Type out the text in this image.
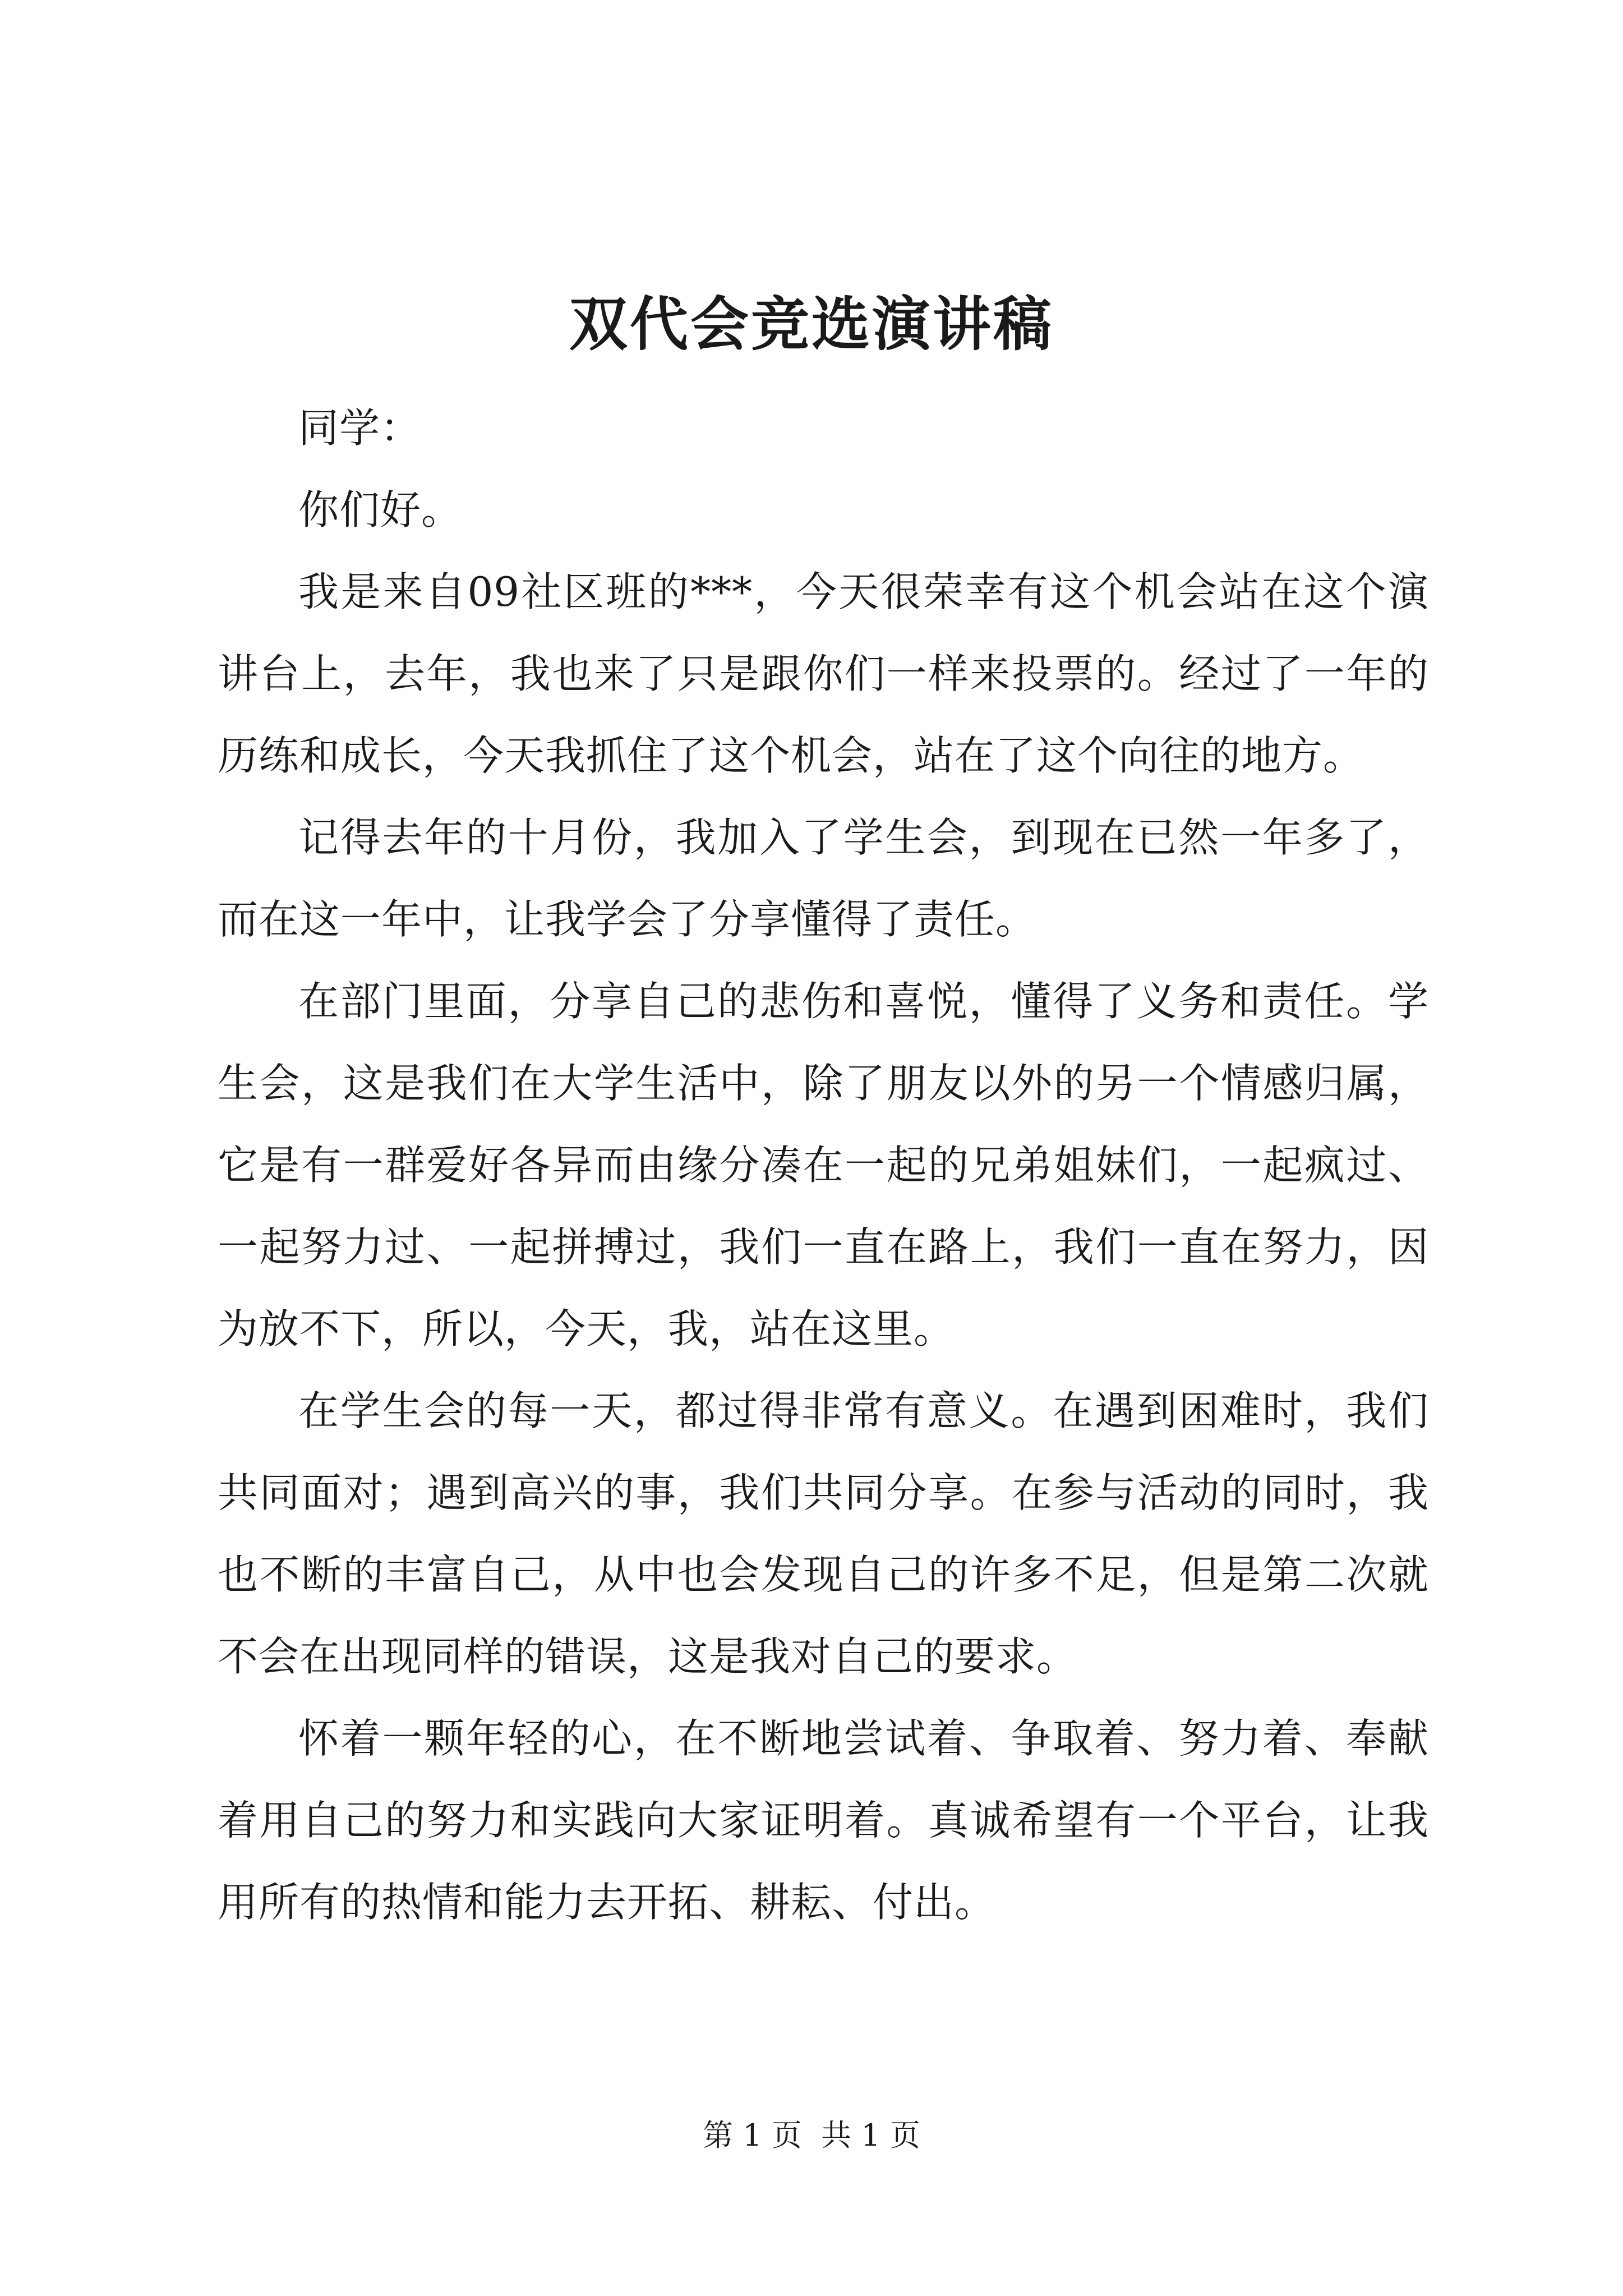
双代会竞选演讲稿

同学：

你们好。

我是来自09社区班的***，今天很荣幸有这个机会站在这个演讲台上，去年，我也来了只是跟你们一样来投票的。经过了一年的历练和成长，今天我抓住了这个机会，站在了这个向往的地方。

记得去年的十月份，我加入了学生会，到现在已然一年多了，而在这一年中，让我学会了分享懂得了责任。

在部门里面，分享自己的悲伤和喜悦，懂得了义务和责任。学生会，这是我们在大学生活中，除了朋友以外的另一个情感归属，它是有一群爱好各异而由缘分凑在一起的兄弟姐妹们，一起疯过、一起努力过、一起拼搏过，我们一直在路上，我们一直在努力，因为放不下，所以，今天，我，站在这里。

在学生会的每一天，都过得非常有意义。在遇到困难时，我们共同面对；遇到高兴的事，我们共同分享。在参与活动的同时，我也不断的丰富自己，从中也会发现自己的许多不足，但是第二次就不会在出现同样的错误，这是我对自己的要求。

怀着一颗年轻的心，在不断地尝试着、争取着、努力着、奉献着用自己的努力和实践向大家证明着。真诚希望有一个平台，让我用所有的热情和能力去开拓、耕耘、付出。

第 1 页 共 1 页
